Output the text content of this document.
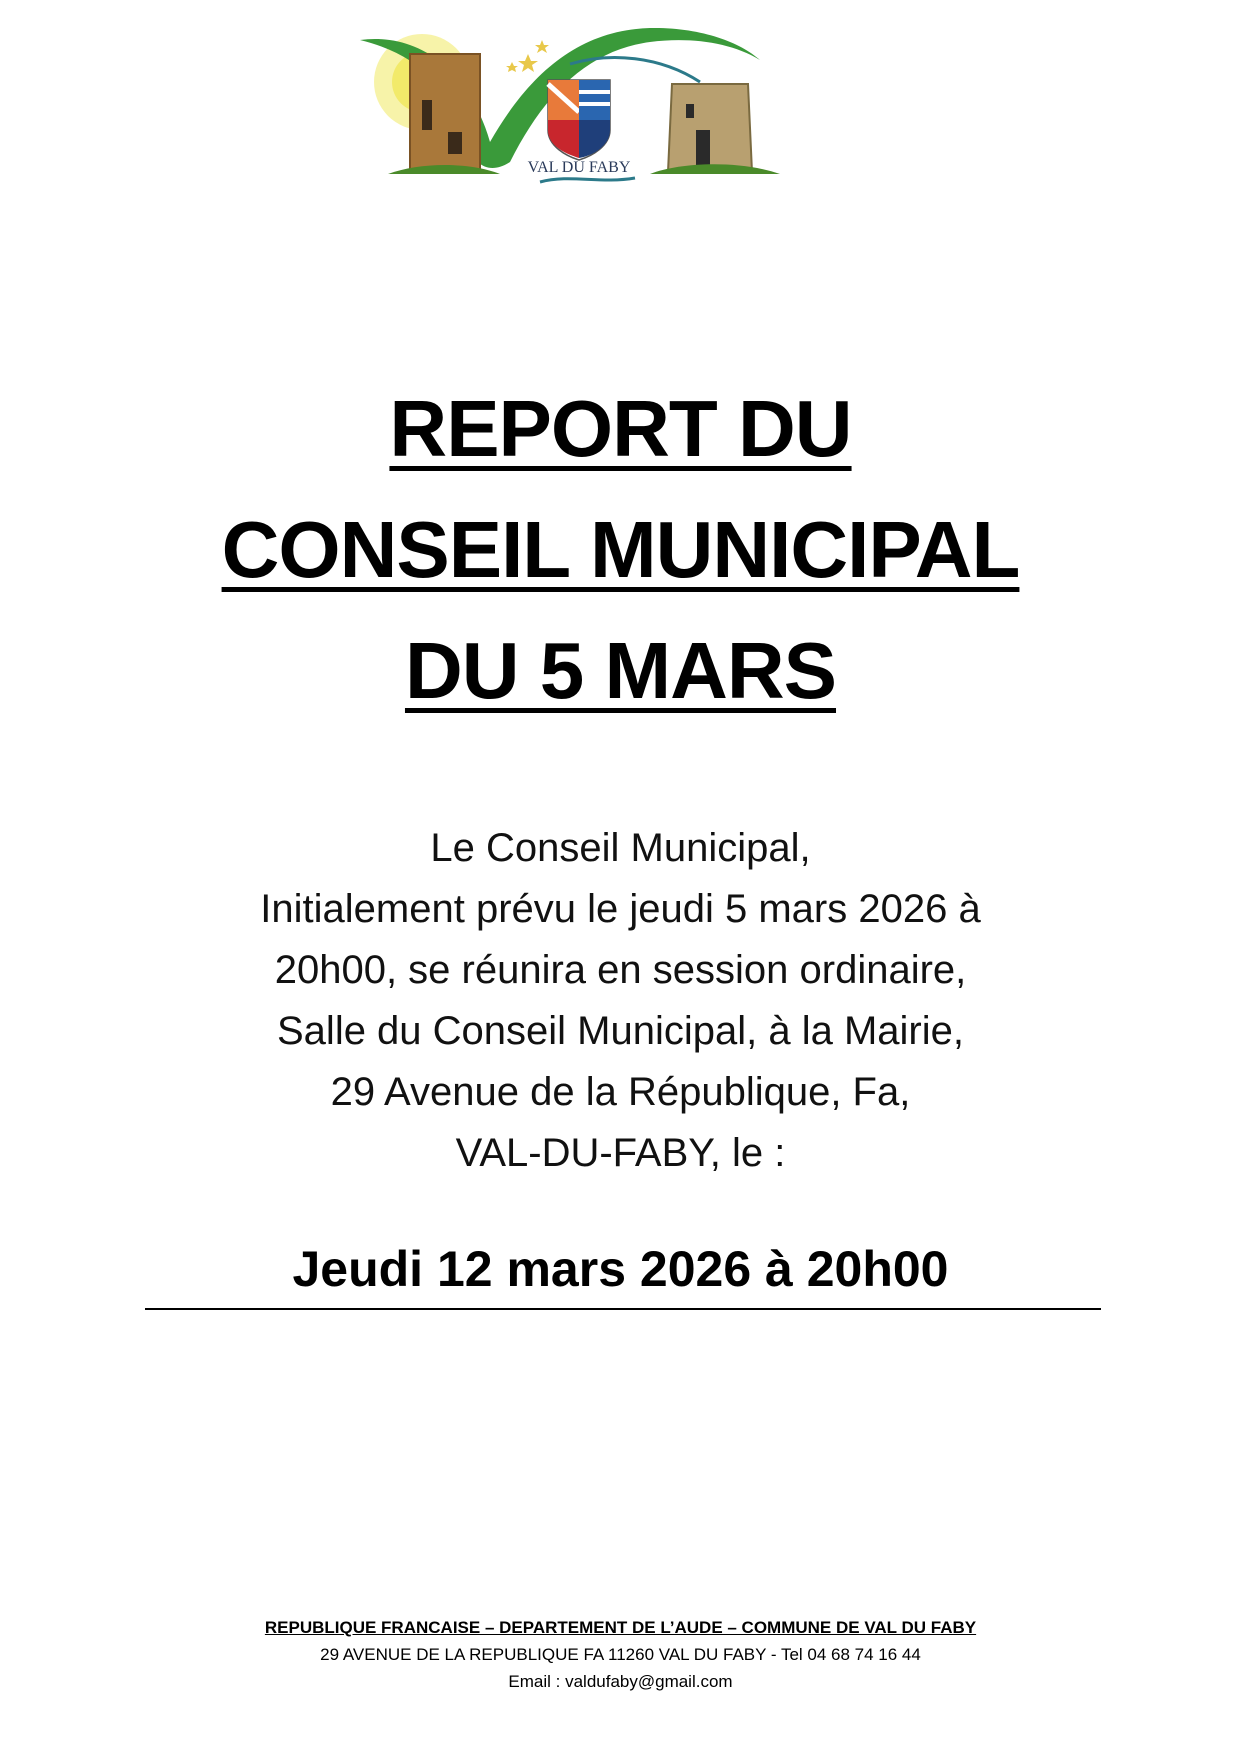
VAL DU FABY
REPORT DU
CONSEIL MUNICIPAL
DU 5 MARS
Le Conseil Municipal,
Initialement prévu le jeudi 5 mars 2026 à
20h00, se réunira en session ordinaire,
Salle du Conseil Municipal, à la Mairie,
29 Avenue de la République, Fa,
VAL-DU-FABY, le :
Jeudi 12 mars 2026 à 20h00
REPUBLIQUE FRANCAISE – DEPARTEMENT DE L’AUDE – COMMUNE DE VAL DU FABY
29 AVENUE DE LA REPUBLIQUE FA 11260 VAL DU FABY - Tel 04 68 74 16 44
Email : valdufaby@gmail.com
